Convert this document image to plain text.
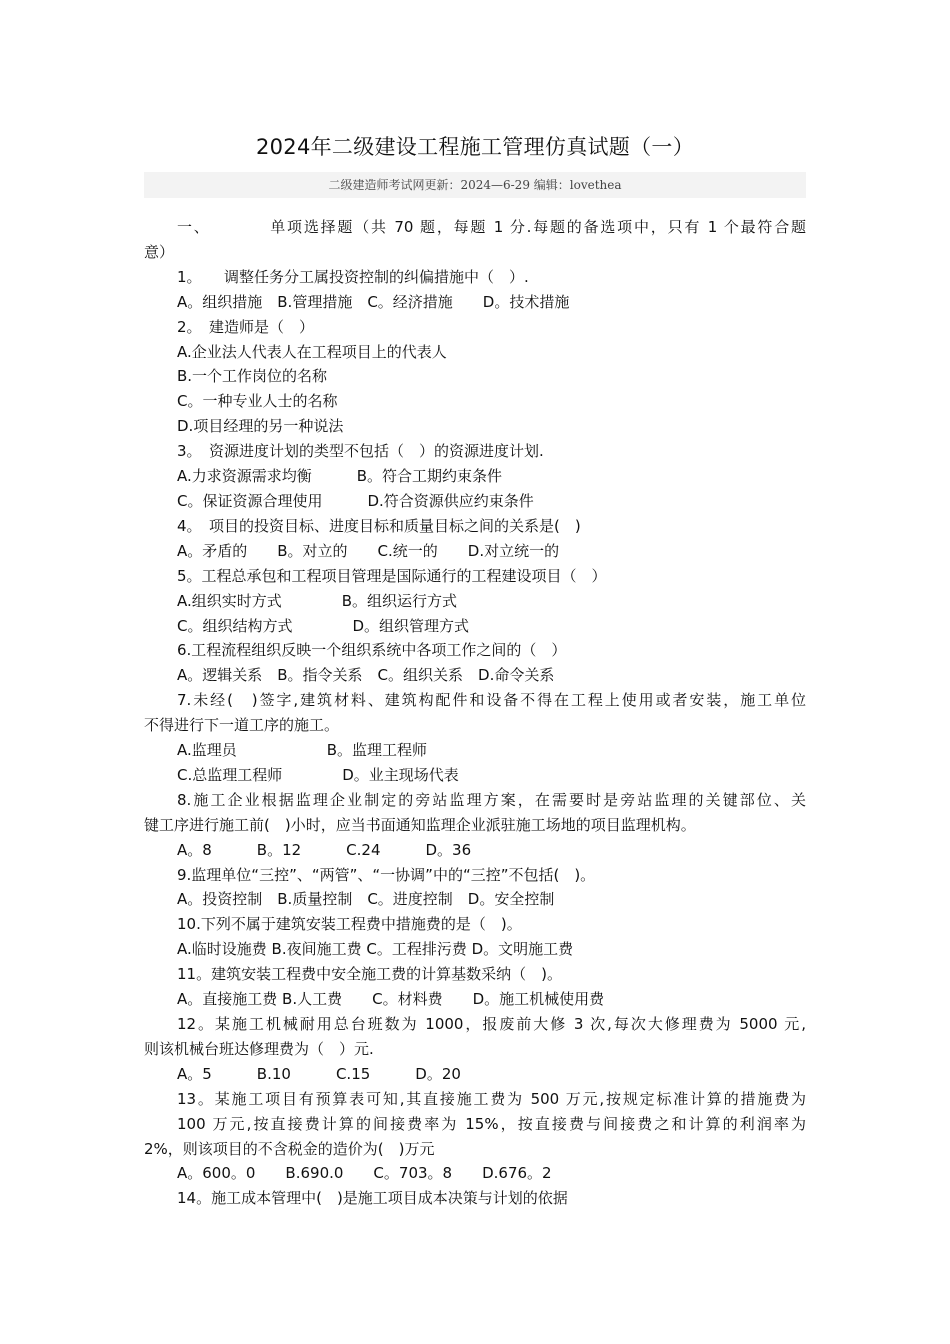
2024年二级建设工程施工管理仿真试题（一）
二级建造师考试网更新：2024—6-29 编辑：lovethea
一、　　　　单项选择题（共 70 题，每题 1 分.每题的备选项中，只有 1 个最符合题
意）
1。　　调整任务分工属投资控制的纠偏措施中（　）.
A。组织措施　B.管理措施　C。经济措施　　D。技术措施
2。　建造师是（　）
A.企业法人代表人在工程项目上的代表人
B.一个工作岗位的名称
C。一种专业人士的名称
D.项目经理的另一种说法
3。　资源进度计划的类型不包括（　）的资源进度计划.
A.力求资源需求均衡　　　B。符合工期约束条件
C。保证资源合理使用　　　D.符合资源供应约束条件
4。　项目的投资目标、进度目标和质量目标之间的关系是(　)
A。矛盾的　　B。对立的　　C.统一的　　D.对立统一的
5。工程总承包和工程项目管理是国际通行的工程建设项目（　）
A.组织实时方式　　　　B。组织运行方式
C。组织结构方式　　　　D。组织管理方式
6.工程流程组织反映一个组织系统中各项工作之间的（　）
A。逻辑关系　B。指令关系　C。组织关系　D.命令关系
7.未经(　)签字,建筑材料、建筑构配件和设备不得在工程上使用或者安装，施工单位
不得进行下一道工序的施工。
A.监理员　　　　　　B。监理工程师
C.总监理工程师　　　　D。业主现场代表
8.施工企业根据监理企业制定的旁站监理方案，在需要时是旁站监理的关键部位、关
键工序进行施工前(　)小时，应当书面通知监理企业派驻施工场地的项目监理机构。
A。8　　　B。12　　　C.24　　　D。36
9.监理单位“三控”、“两管”、“一协调”中的“三控”不包括(　)。
A。投资控制　B.质量控制　C。进度控制　D。安全控制
10.下列不属于建筑安装工程费中措施费的是（　)。
A.临时设施费 B.夜间施工费 C。工程排污费 D。文明施工费
11。建筑安装工程费中安全施工费的计算基数采纳（　)。
A。直接施工费 B.人工费　　C。材料费　　D。施工机械使用费
12。某施工机械耐用总台班数为 1000，报废前大修 3 次,每次大修理费为 5000 元,
则该机械台班达修理费为（　）元.
A。5　　　B.10　　　C.15　　　D。20
13。某施工项目有预算表可知,其直接施工费为 500 万元,按规定标准计算的措施费为
100 万元,按直接费计算的间接费率为 15%，按直接费与间接费之和计算的利润率为
2%，则该项目的不含税金的造价为(　)万元
A。600。0　　B.690.0　　C。703。8　　D.676。2
14。施工成本管理中(　)是施工项目成本决策与计划的依据
